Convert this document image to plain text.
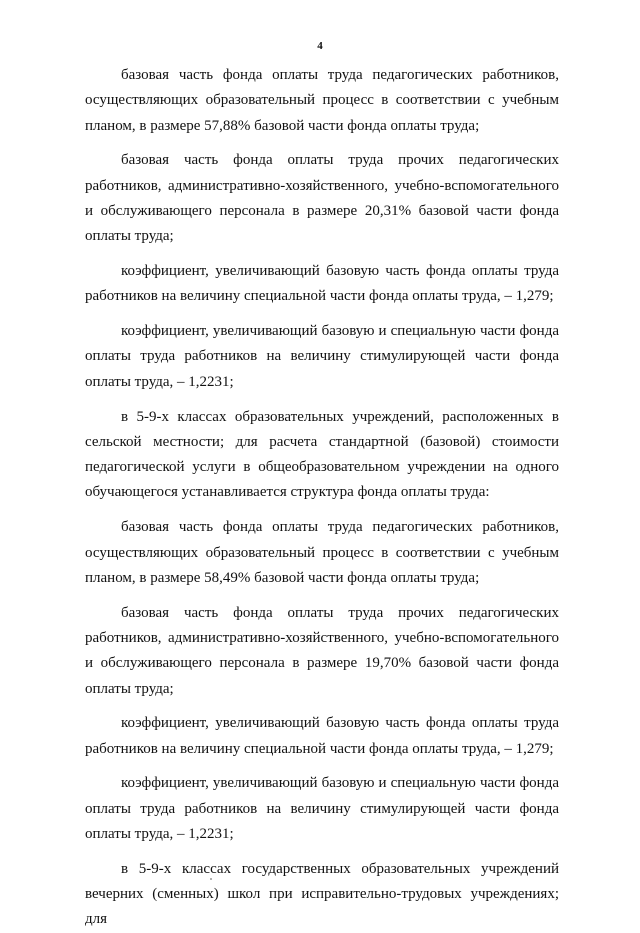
4

базовая часть фонда оплаты труда педагогических работников, осуществляющих образовательный процесс в соответствии с учебным планом, в размере 57,88% базовой части фонда оплаты труда;

базовая часть фонда оплаты труда прочих педагогических работников, административно-хозяйственного, учебно-вспомогательного и обслуживающего персонала в размере 20,31% базовой части фонда оплаты труда;

коэффициент, увеличивающий базовую часть фонда оплаты труда работников на величину специальной части фонда оплаты труда, – 1,279;

коэффициент, увеличивающий базовую и специальную части фонда оплаты труда работников на величину стимулирующей части фонда оплаты труда, – 1,2231;

в 5-9-х классах образовательных учреждений, расположенных в сельской местности; для расчета стандартной (базовой) стоимости педагогической услуги в общеобразовательном учреждении на одного обучающегося устанавливается структура фонда оплаты труда:

базовая часть фонда оплаты труда педагогических работников, осуществляющих образовательный процесс в соответствии с учебным планом, в размере 58,49% базовой части фонда оплаты труда;

базовая часть фонда оплаты труда прочих педагогических работников, административно-хозяйственного, учебно-вспомогательного и обслуживающего персонала в размере 19,70% базовой части фонда оплаты труда;

коэффициент, увеличивающий базовую часть фонда оплаты труда работников на величину специальной части фонда оплаты труда, – 1,279;

коэффициент, увеличивающий базовую и специальную части фонда оплаты труда работников на величину стимулирующей части фонда оплаты труда, – 1,2231;

в 5-9-х классах государственных образовательных учреждений вечерних (сменных) школ при исправительно-трудовых учреждениях; для
